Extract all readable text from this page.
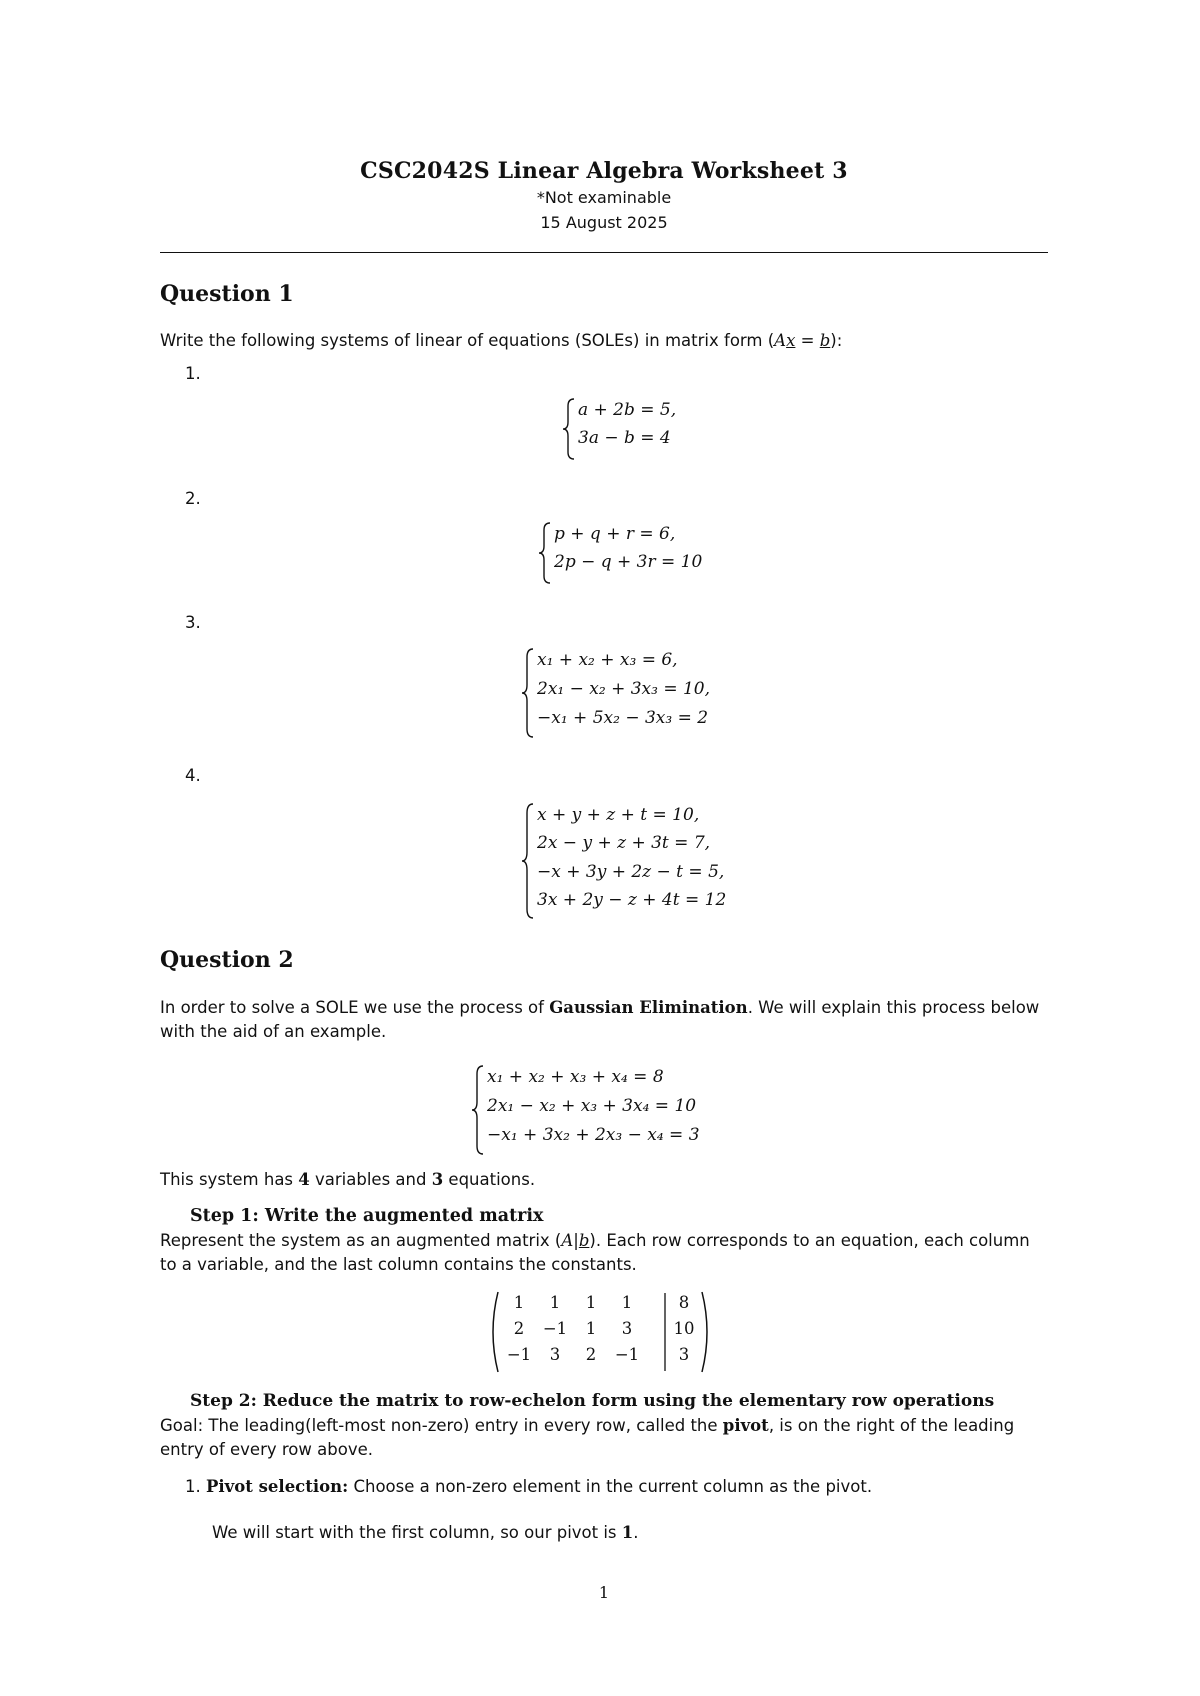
CSC2042S Linear Algebra Worksheet 3
*Not examinable
15 August 2025
Question 1
Write the following systems of linear of equations (SOLEs) in matrix form (Ax = b):
1.
a + 2b = 5,
3a − b = 4
2.
p + q + r = 6,
2p − q + 3r = 10
3.
x₁ + x₂ + x₃ = 6,
2x₁ − x₂ + 3x₃ = 10,
−x₁ + 5x₂ − 3x₃ = 2
4.
x + y + z + t = 10,
2x − y + z + 3t = 7,
−x + 3y + 2z − t = 5,
3x + 2y − z + 4t = 12
Question 2
In order to solve a SOLE we use the process of Gaussian Elimination. We will explain this process below with the aid of an example.
x₁ + x₂ + x₃ + x₄ = 8
2x₁ − x₂ + x₃ + 3x₄ = 10
−x₁ + 3x₂ + 2x₃ − x₄ = 3
This system has 4 variables and 3 equations.
Step 1: Write the augmented matrix
Represent the system as an augmented matrix (A|b). Each row corresponds to an equation, each column to a variable, and the last column contains the constants.
1	1	1	1	8
2	−1	1	3	10
−1	3	2	−1	3
Step 2: Reduce the matrix to row-echelon form using the elementary row operations
Goal: The leading(left-most non-zero) entry in every row, called the pivot, is on the right of the leading entry of every row above.
1. Pivot selection: Choose a non-zero element in the current column as the pivot.
We will start with the first column, so our pivot is 1.
1
